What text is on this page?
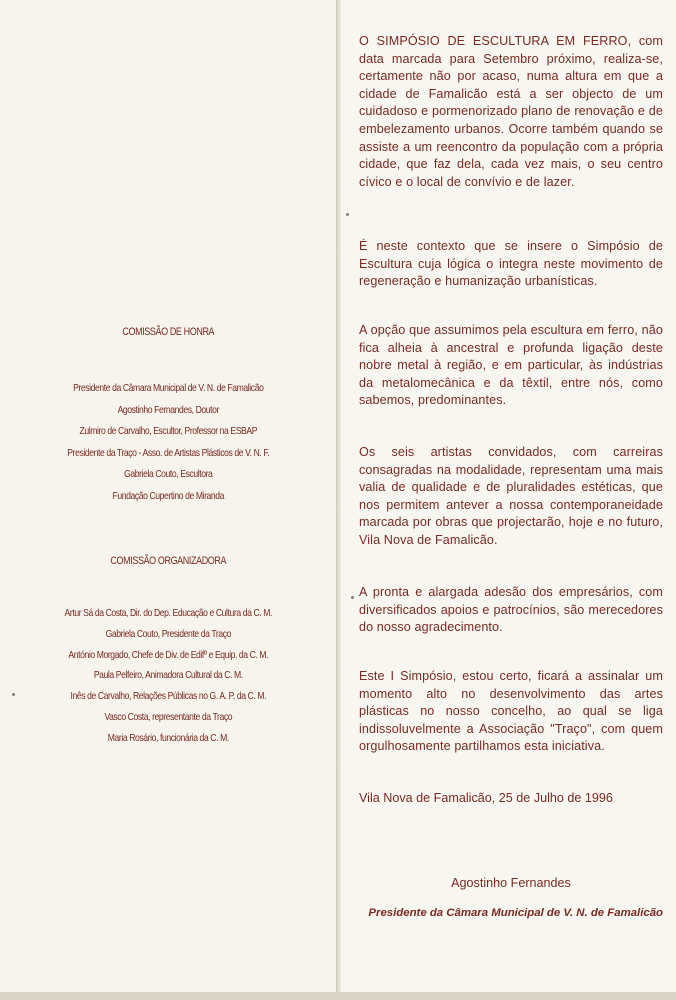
COMISSÃO DE HONRA
Presidente da Câmara Municipal de V. N. de Famalicão
Agostinho Fernandes, Doutor
Zulmiro de Carvalho, Escultor, Professor na ESBAP
Presidente da Traço - Asso. de Artistas Plásticos de V. N. F.
Gabriela Couto, Escultora
Fundação Cupertino de Miranda
COMISSÃO ORGANIZADORA
Artur Sá da Costa, Dir. do Dep. Educação e Cultura da C. M.
Gabriela Couto, Presidente da Traço
António Morgado, Chefe de Div. de Edifº e Equip. da C. M.
Paula Pelfeiro, Animadora Cultural da C. M.
Inês de Carvalho, Relações Públicas no G. A. P. da C. M.
Vasco Costa, representante da Traço
Maria Rosário, funcionária da C. M.
O SIMPÓSIO DE ESCULTURA EM FERRO, com data marcada para Setembro próximo, realiza-se, certamente não por acaso, numa altura em que a cidade de Famalicão está a ser objecto de um cuidadoso e pormenorizado plano de renovação e de embelezamento urbanos. Ocorre também quando se assiste a um reencontro da população com a própria cidade, que faz dela, cada vez mais, o seu centro cívico e o local de convívio e de lazer.
É neste contexto que se insere o Simpósio de Escultura cuja lógica o integra neste movimento de regeneração e humanização urbanísticas.
A opção que assumimos pela escultura em ferro, não fica alheia à ancestral e profunda ligação deste nobre metal à região, e em particular, às indústrias da metalomecânica e da têxtil, entre nós, como sabemos, predominantes.
Os seis artistas convidados, com carreiras consagradas na modalidade, representam uma mais valia de qualidade e de pluralidades estéticas, que nos permitem antever a nossa contemporaneidade marcada por obras que projectarão, hoje e no futuro, Vila Nova de Famalicão.
A pronta e alargada adesão dos empresários, com diversificados apoios e patrocínios, são merecedores do nosso agradecimento.
Este I Simpósio, estou certo, ficará a assinalar um momento alto no desenvolvimento das artes plásticas no nosso concelho, ao qual se liga indissoluvelmente a Associação "Traço", com quem orgulhosamente partilhamos esta iniciativa.
Vila Nova de Famalicão, 25 de Julho de 1996
Agostinho Fernandes
Presidente da Câmara Municipal de V. N. de Famalicão
